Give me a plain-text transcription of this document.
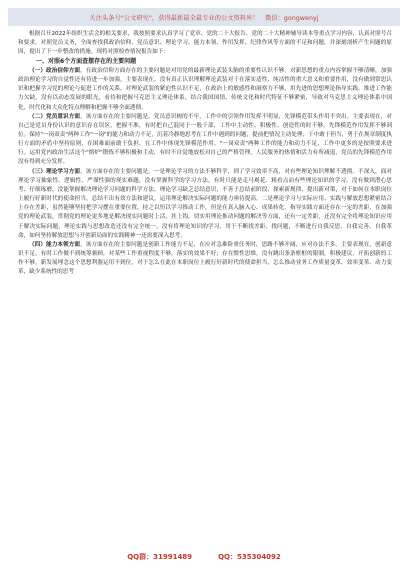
关注头条号"公文研究"，获得最新最全最专业的公文资料库！　微信：gongwenyj

根据召开2022年组织生活会的相关要求，我按照要求认真学习了党章、党的二十大报告、党的二十大精神辅导读本等重点学习内容，认真对照号召和要求，对照党员义务，全面查找我政治信仰、党员意识、理论学习、能力本领、作用发挥、纪律作风等方面的不足和问题，并深刻剖析产生问题的原因，提出了下一步整改的措施。现将对照检查情况报告如下：

一、对照6个方面查摆存在的主要问题

（一）政治信仰方面。在政治信仰方面存在的主要问题是对用党的最新理论武装头脑的重要性认识不够，对新思想的重点内容掌握不够清晰，加强政治理论学习的自觉性还有待进一步加强。主要表现在，没有真正认识理解理论武装对干在落实适性、纯洁性的重大意义和重要作用，没有做到常思认识和把握学习党的理论与促进工作的关系，对理论武装的紧迫性认识不足，在政治上的敏感性和洞察力不够，用先进的思想理论指导实践、推进工作能力欠缺，没有以动态发展的眼光，看待和把握马克思主义理论体系，结合我国国情、传统文化和时代特征不够紧密，导致对马克思主义理论体系中国化、时代化和大众化特点理解和把握不够全面透彻。

（二）党员意识方面。该方面存在的主要问题是，党员意识树的不牢，工作中的引领作用发挥不明显，先锋模范带头作用不突出。主要表现在，对自己是党员身份认识的意识存在误区，把握不准，有时把自己混同于一般干部，工作中主动性、积极性、创造性的时不够，先锋模范作用发挥不够到位。保持"一岗双责"两种工作"一岗"的能力和动力不足，沉着冷静地思考在工作中遇到的问题，提前把情况主动处理；干中敢于担当，勇于在规章制度执行方面的矛盾中坚持原则，在困难面前敢于负担，在工作中体现先锋模范作用。"一岗双责"两种工作的能力和动力不足，工作中更多的是按照要求进行。运用党内政治生活这个"熔炉"锻炼不够积极和主动，有时不自觉地放松对自己的严格管理，人民服务的热情和活力有所减退，党员的先锋模范作用没有得到充分发挥。

（三）理论学习方面。该方面存在的主要问题是，一是理论学习的方法不够科学，到了学习效率不高，对有些理论知识理解不透彻。不深入，面对理论学习抽象性、逻辑性、严谨性强的现实难题，没有掌握科学的学习方法，有时只能是走马观花、粗看点而有些理论知识的学习，没有做到潜心思考、仔细琢磨，没能掌握解决理论学习问题的科学方法。理论学习缺乏总结意识，不善于总结前阶段、探索新规律、提出新对策，对于如何在本职岗位上履行好新时代的使命担当，总结不出有效方法和建议，运用理论解决实际问题的能力亟待提高。二是理论学习与实际应用、实践与解放思想紧密结合上存在差距，虽然能够坚持把学习摆在重要位置，持之以恒以学习推动工作，但是在真入脑入心、成果转化，指导实践方面还存在一定的差距，在加强党的理论武装，贯彻党的理论更多地是解决现实问题时上活、挂上钩，切实用理论推动问题的解决等方面，还有一定差距，还没有完全将理论知识应用于解决实际问题，理论实践与思想改造还没有完全统一，没有将理论知识的学习，用于不断找差距、找问题，不断进行自我反思、自我完善、自我革命，如何坚持解放思想与开创新局面的实践精神一还需要深入思考。

（四）能力本领方面。该方面存在的主要问题是创新工作能力不足，在应对急难险重任务时，思路不够开阔，应对办法不多。主要表现在，创新意识不足，有时工作做不到统筹兼顾，对某些工作重视程度不够，落实的效果不好；存在惯性思维，没有跳出条条框框的限制，积极建议、开拓创新的工作不够，新发展理念这个思想利器运用不到位，对于怎么在此在本职岗位上履行好新时代的使命担当，怎么推动业务工作质量变革、效率变革、动力变革，缺少系统性的思考

QQ群：31991489	QQ：535304092
